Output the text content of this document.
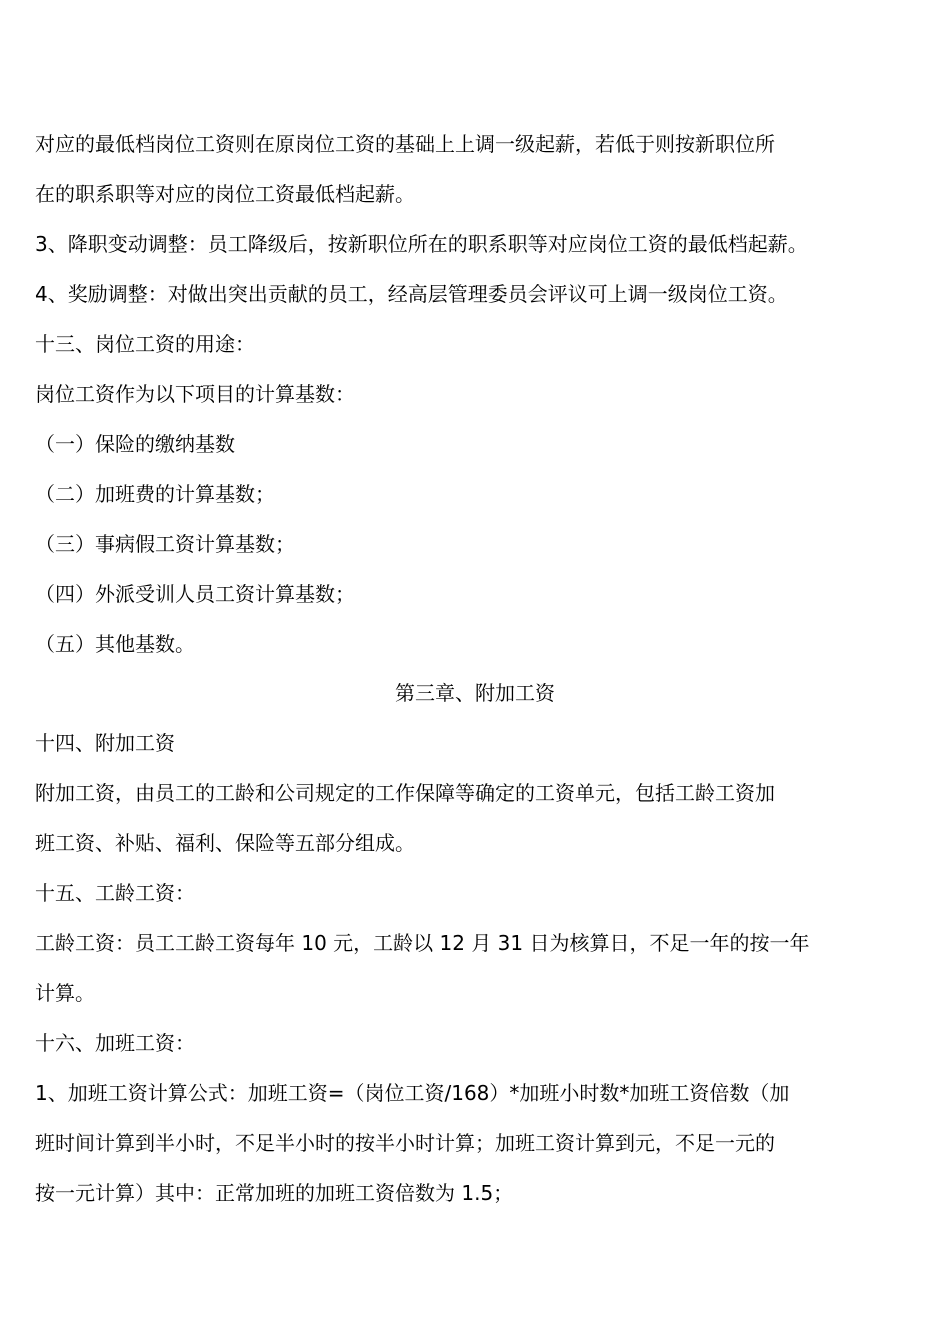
对应的最低档岗位工资则在原岗位工资的基础上上调一级起薪，若低于则按新职位所
在的职系职等对应的岗位工资最低档起薪。
3、降职变动调整：员工降级后，按新职位所在的职系职等对应岗位工资的最低档起薪。
4、奖励调整：对做出突出贡献的员工，经高层管理委员会评议可上调一级岗位工资。
十三、岗位工资的用途：
岗位工资作为以下项目的计算基数：
（一）保险的缴纳基数
（二）加班费的计算基数；
（三）事病假工资计算基数；
（四）外派受训人员工资计算基数；
（五）其他基数。
第三章、附加工资
十四、附加工资
附加工资，由员工的工龄和公司规定的工作保障等确定的工资单元，包括工龄工资加
班工资、补贴、福利、保险等五部分组成。
十五、工龄工资：
工龄工资：员工工龄工资每年 10 元，工龄以 12 月 31 日为核算日，不足一年的按一年
计算。
十六、加班工资：
1、加班工资计算公式：加班工资=（岗位工资/168）*加班小时数*加班工资倍数（加
班时间计算到半小时，不足半小时的按半小时计算；加班工资计算到元，不足一元的
按一元计算）其中：正常加班的加班工资倍数为 1.5；
